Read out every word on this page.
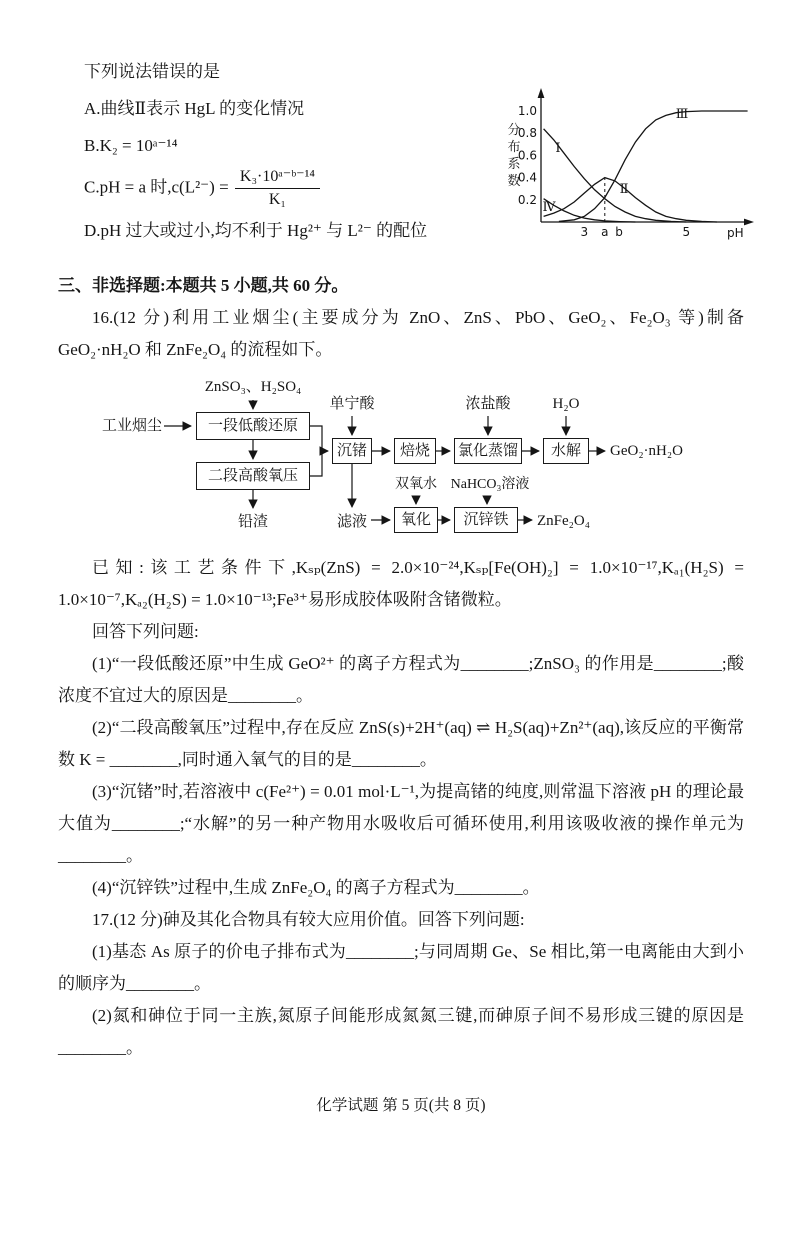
下列说法错误的是

A.曲线Ⅱ表示 HgL 的变化情况

B.K₂ = 10ᵃ⁻¹⁴

C.pH = a 时$,c(L^{2-}) = \frac{\text{K₃·10ᵃ⁻ᵇ⁻¹⁴}}{\text{K₁}}$

D.pH 过大或过小,均不利于 Hg²⁺ 与 L²⁻ 的配位

Ⅰ
Ⅱ
Ⅲ
Ⅳ
pH
分布系数
3 a b	5
0.2
0.4
0.6
0.8
1.0

三、非选择题:本题共 5 小题,共 60 分。

16.(12 分)利用工业烟尘(主要成分为 ZnO、ZnS、PbO、GeO₂、Fe₂O₃ 等)制备 GeO₂·nH₂O 和 ZnFe₂O₄ 的流程如下。

工业烟尘
ZnSO₃、H₂SO₄
一段低酸还原
二段高酸氧压
铅渣
单宁酸
沉锗	焙烧
浓盐酸
氯化蒸馏
H₂O
水解	GeO₂·nH₂O
滤液
双氧水
氧化
NaHCO₃溶液
沉锌铁	ZnFe₂O₄

已知:该工艺条件下,Kₛₚ(ZnS) = 2.0×10⁻²⁴,Kₛₚ[Fe(OH)₂] = 1.0×10⁻¹⁷,Kₐ₁(H₂S) = 1.0×10⁻⁷,Kₐ₂(H₂S) = 1.0×10⁻¹³;Fe³⁺易形成胶体吸附含锗微粒。

回答下列问题:

(1)“一段低酸还原”中生成 GeO²⁺ 的离子方程式为________;ZnSO₃ 的作用是________;酸浓度不宜过大的原因是________。

(2)“二段高酸氧压”过程中,存在反应 ZnS(s)+2H⁺(aq) ⇌ H₂S(aq)+Zn²⁺(aq),该反应的平衡常数 K = ________,同时通入氧气的目的是________。

(3)“沉锗”时,若溶液中 c(Fe²⁺) = 0.01 mol·L⁻¹,为提高锗的纯度,则常温下溶液 pH 的理论最大值为________;“水解”的另一种产物用水吸收后可循环使用,利用该吸收液的操作单元为________。

(4)“沉锌铁”过程中,生成 ZnFe₂O₄ 的离子方程式为________。

17.(12 分)砷及其化合物具有较大应用价值。回答下列问题:

(1)基态 As 原子的价电子排布式为________;与同周期 Ge、Se 相比,第一电离能由大到小的顺序为________。

(2)氮和砷位于同一主族,氮原子间能形成氮氮三键,而砷原子间不易形成三键的原因是________。

化学试题 第 5 页(共 8 页)
